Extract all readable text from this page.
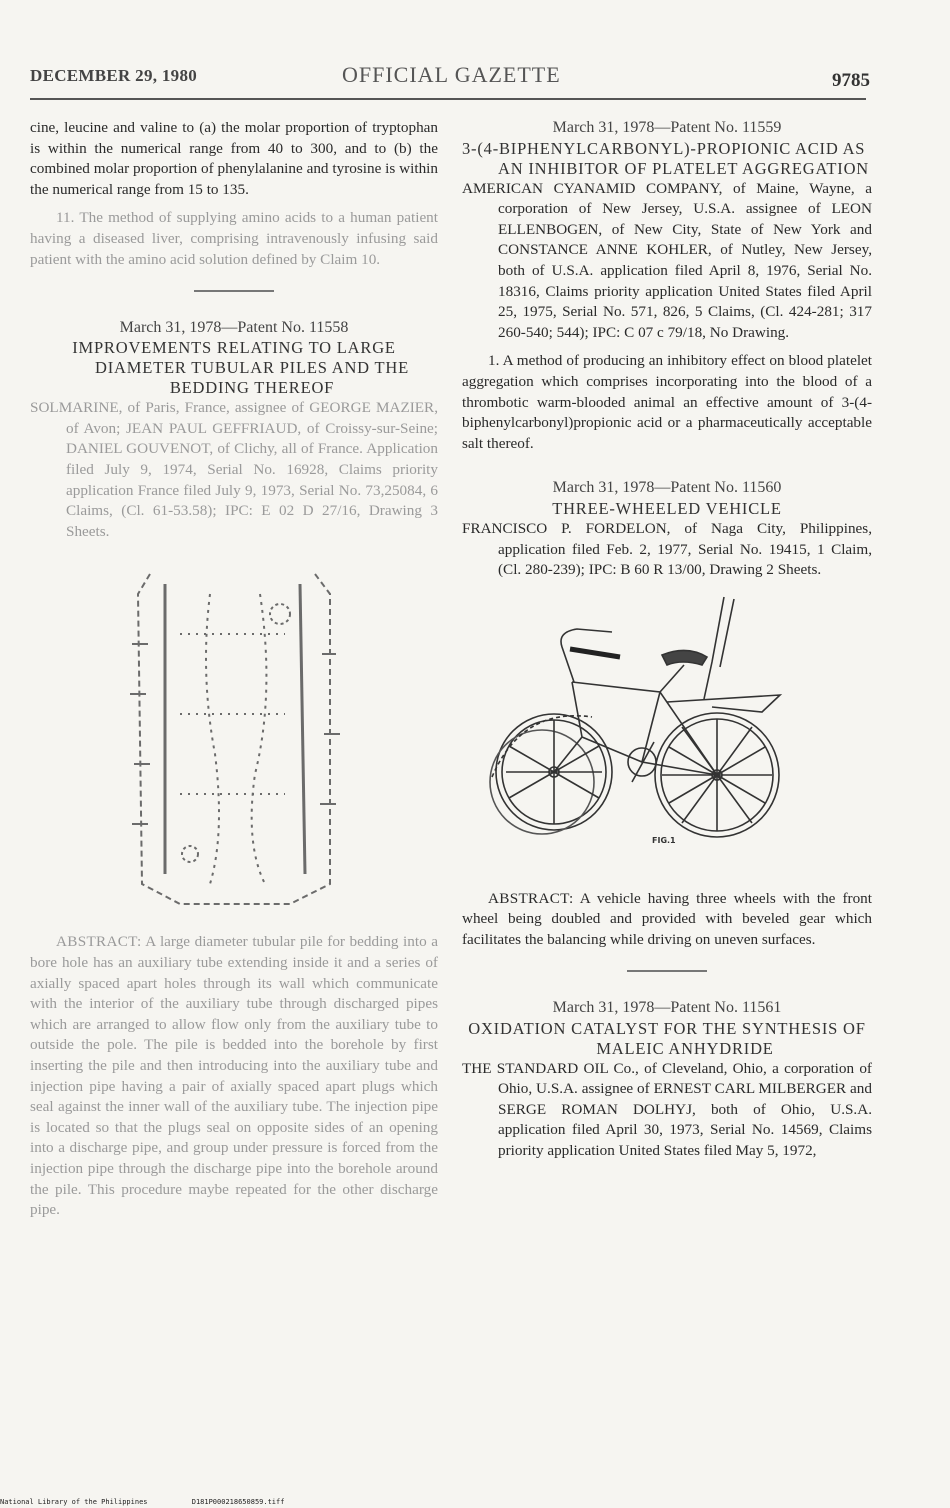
DECEMBER 29, 1980	OFFICIAL GAZETTE	9785

cine, leucine and valine to (a) the molar proportion of tryptophan is within the numerical range from 40 to 300, and to (b) the combined molar proportion of phenylalanine and tyrosine is within the numerical range from 15 to 135.

11. The method of supplying amino acids to a human patient having a diseased liver, comprising intravenously infusing said patient with the amino acid solution defined by Claim 10.

March 31, 1978—Patent No. 11558

IMPROVEMENTS RELATING TO LARGE DIAMETER TUBULAR PILES AND THE BEDDING THEREOF

SOLMARINE, of Paris, France, assignee of GEORGE MAZIER, of Avon; JEAN PAUL GEFFRIAUD, of Croissy-sur-Seine; DANIEL GOUVENOT, of Clichy, all of France. Application filed July 9, 1974, Serial No. 16928, Claims priority application France filed July 9, 1973, Serial No. 73,25084, 6 Claims, (Cl. 61-53.58); IPC: E 02 D 27/16, Drawing 3 Sheets.

ABSTRACT: A large diameter tubular pile for bedding into a bore hole has an auxiliary tube extending inside it and a series of axially spaced apart holes through its wall which communicate with the interior of the auxiliary tube through discharged pipes which are arranged to allow flow only from the auxiliary tube to outside the pole. The pile is bedded into the borehole by first inserting the pile and then introducing into the auxiliary tube and injection pipe having a pair of axially spaced apart plugs which seal against the inner wall of the auxiliary tube. The injection pipe is located so that the plugs seal on opposite sides of an opening into a discharge pipe, and group under pressure is forced from the injection pipe through the discharge pipe into the borehole around the pile. This procedure maybe repeated for the other discharge pipe.

March 31, 1978—Patent No. 11559

3-(4-BIPHENYLCARBONYL)-PROPIONIC ACID AS AN INHIBITOR OF PLATELET AGGREGATION

AMERICAN CYANAMID COMPANY, of Maine, Wayne, a corporation of New Jersey, U.S.A. assignee of LEON ELLENBOGEN, of New City, State of New York and CONSTANCE ANNE KOHLER, of Nutley, New Jersey, both of U.S.A. application filed April 8, 1976, Serial No. 18316, Claims priority application United States filed April 25, 1975, Serial No. 571, 826, 5 Claims, (Cl. 424-281; 317 260-540; 544); IPC: C 07 c 79/18, No Drawing.

1. A method of producing an inhibitory effect on blood platelet aggregation which comprises incorporating into the blood of a thrombotic warm-blooded animal an effective amount of 3-(4-biphenylcarbonyl)propionic acid or a pharmaceutically acceptable salt thereof.

March 31, 1978—Patent No. 11560

THREE-WHEELED VEHICLE

FRANCISCO P. FORDELON, of Naga City, Philippines, application filed Feb. 2, 1977, Serial No. 19415, 1 Claim, (Cl. 280-239); IPC: B 60 R 13/00, Drawing 2 Sheets.

FIG.1

ABSTRACT: A vehicle having three wheels with the front wheel being doubled and provided with beveled gear which facilitates the balancing while driving on uneven surfaces.

March 31, 1978—Patent No. 11561

OXIDATION CATALYST FOR THE SYNTHESIS OF MALEIC ANHYDRIDE

THE STANDARD OIL Co., of Cleveland, Ohio, a corporation of Ohio, U.S.A. assignee of ERNEST CARL MILBERGER and SERGE ROMAN DOLHYJ, both of Ohio, U.S.A. application filed April 30, 1973, Serial No. 14569, Claims priority application United States filed May 5, 1972,

National Library of the Philippines	D181P000218650859.tiff
